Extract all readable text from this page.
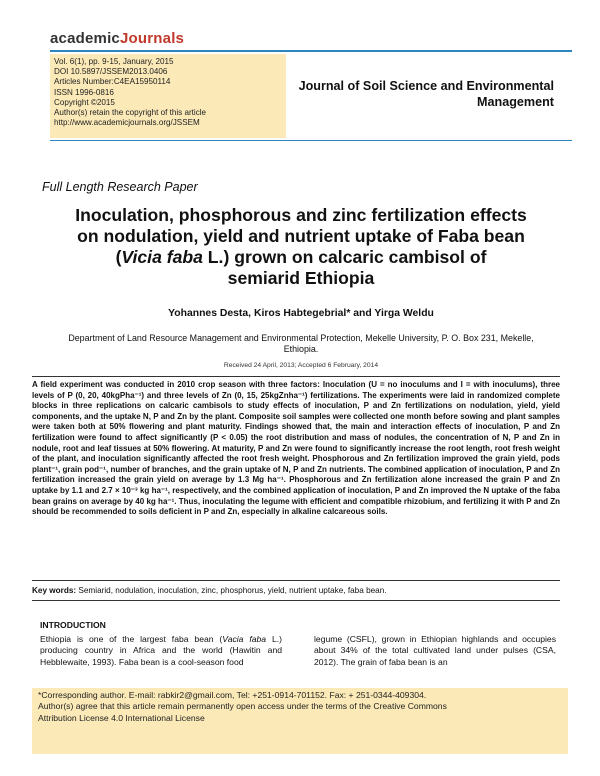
academicJournals
Vol. 6(1), pp. 9-15, January, 2015
DOI 10.5897/JSSEM2013.0406
Articles Number:C4EA15950114
ISSN 1996-0816
Copyright ©2015
Author(s) retain the copyright of this article
http://www.academicjournals.org/JSSEM
Journal of Soil Science and Environmental Management
Full Length Research Paper
Inoculation, phosphorous and zinc fertilization effects
on nodulation, yield and nutrient uptake of Faba bean
(Vicia faba L.) grown on calcaric cambisol of
semiarid Ethiopia
Yohannes Desta, Kiros Habtegebrial* and Yirga Weldu
Department of Land Resource Management and Environmental Protection, Mekelle University, P. O. Box 231, Mekelle, Ethiopia.
Received 24 April, 2013; Accepted 6 February, 2014
A field experiment was conducted in 2010 crop season with three factors: Inoculation (U = no inoculums and I = with inoculums), three levels of P (0, 20, 40kgPha⁻¹) and three levels of Zn (0, 15, 25kgZnha⁻¹) fertilizations. The experiments were laid in randomized complete blocks in three replications on calcaric cambisols to study effects of inoculation, P and Zn fertilizations on nodulation, yield, yield components, and the uptake N, P and Zn by the plant. Composite soil samples were collected one month before sowing and plant samples were taken both at 50% flowering and plant maturity. Findings showed that, the main and interaction effects of inoculation, P and Zn fertilization were found to affect significantly (P < 0.05) the root distribution and mass of nodules, the concentration of N, P and Zn in nodule, root and leaf tissues at 50% flowering. At maturity, P and Zn were found to significantly increase the root length, root fresh weight of the plant, and inoculation significantly affected the root fresh weight. Phosphorous and Zn fertilization improved the grain yield, pods plant⁻¹, grain pod⁻¹, number of branches, and the grain uptake of N, P and Zn nutrients. The combined application of inoculation, P and Zn fertilization increased the grain yield on average by 1.3 Mg ha⁻¹. Phosphorous and Zn fertilization alone increased the grain P and Zn uptake by 1.1 and 2.7 × 10⁻³ kg ha⁻¹, respectively, and the combined application of inoculation, P and Zn improved the N uptake of the faba bean grains on average by 40 kg ha⁻¹. Thus, inoculating the legume with efficient and compatible rhizobium, and fertilizing it with P and Zn should be recommended to soils deficient in P and Zn, especially in alkaline calcareous soils.
Key words: Semiarid, nodulation, inoculation, zinc, phosphorus, yield, nutrient uptake, faba bean.
INTRODUCTION
Ethiopia is one of the largest faba bean (Vacia faba L.) producing country in Africa and the world (Hawitin and Hebblewaite, 1993). Faba bean is a cool-season food
legume (CSFL), grown in Ethiopian highlands and occupies about 34% of the total cultivated land under pulses (CSA, 2012). The grain of faba bean is an
*Corresponding author. E-mail: rabkir2@gmail.com, Tel: +251-0914-701152. Fax: + 251-0344-409304.
Author(s) agree that this article remain permanently open access under the terms of the Creative Commons
Attribution License 4.0 International License
